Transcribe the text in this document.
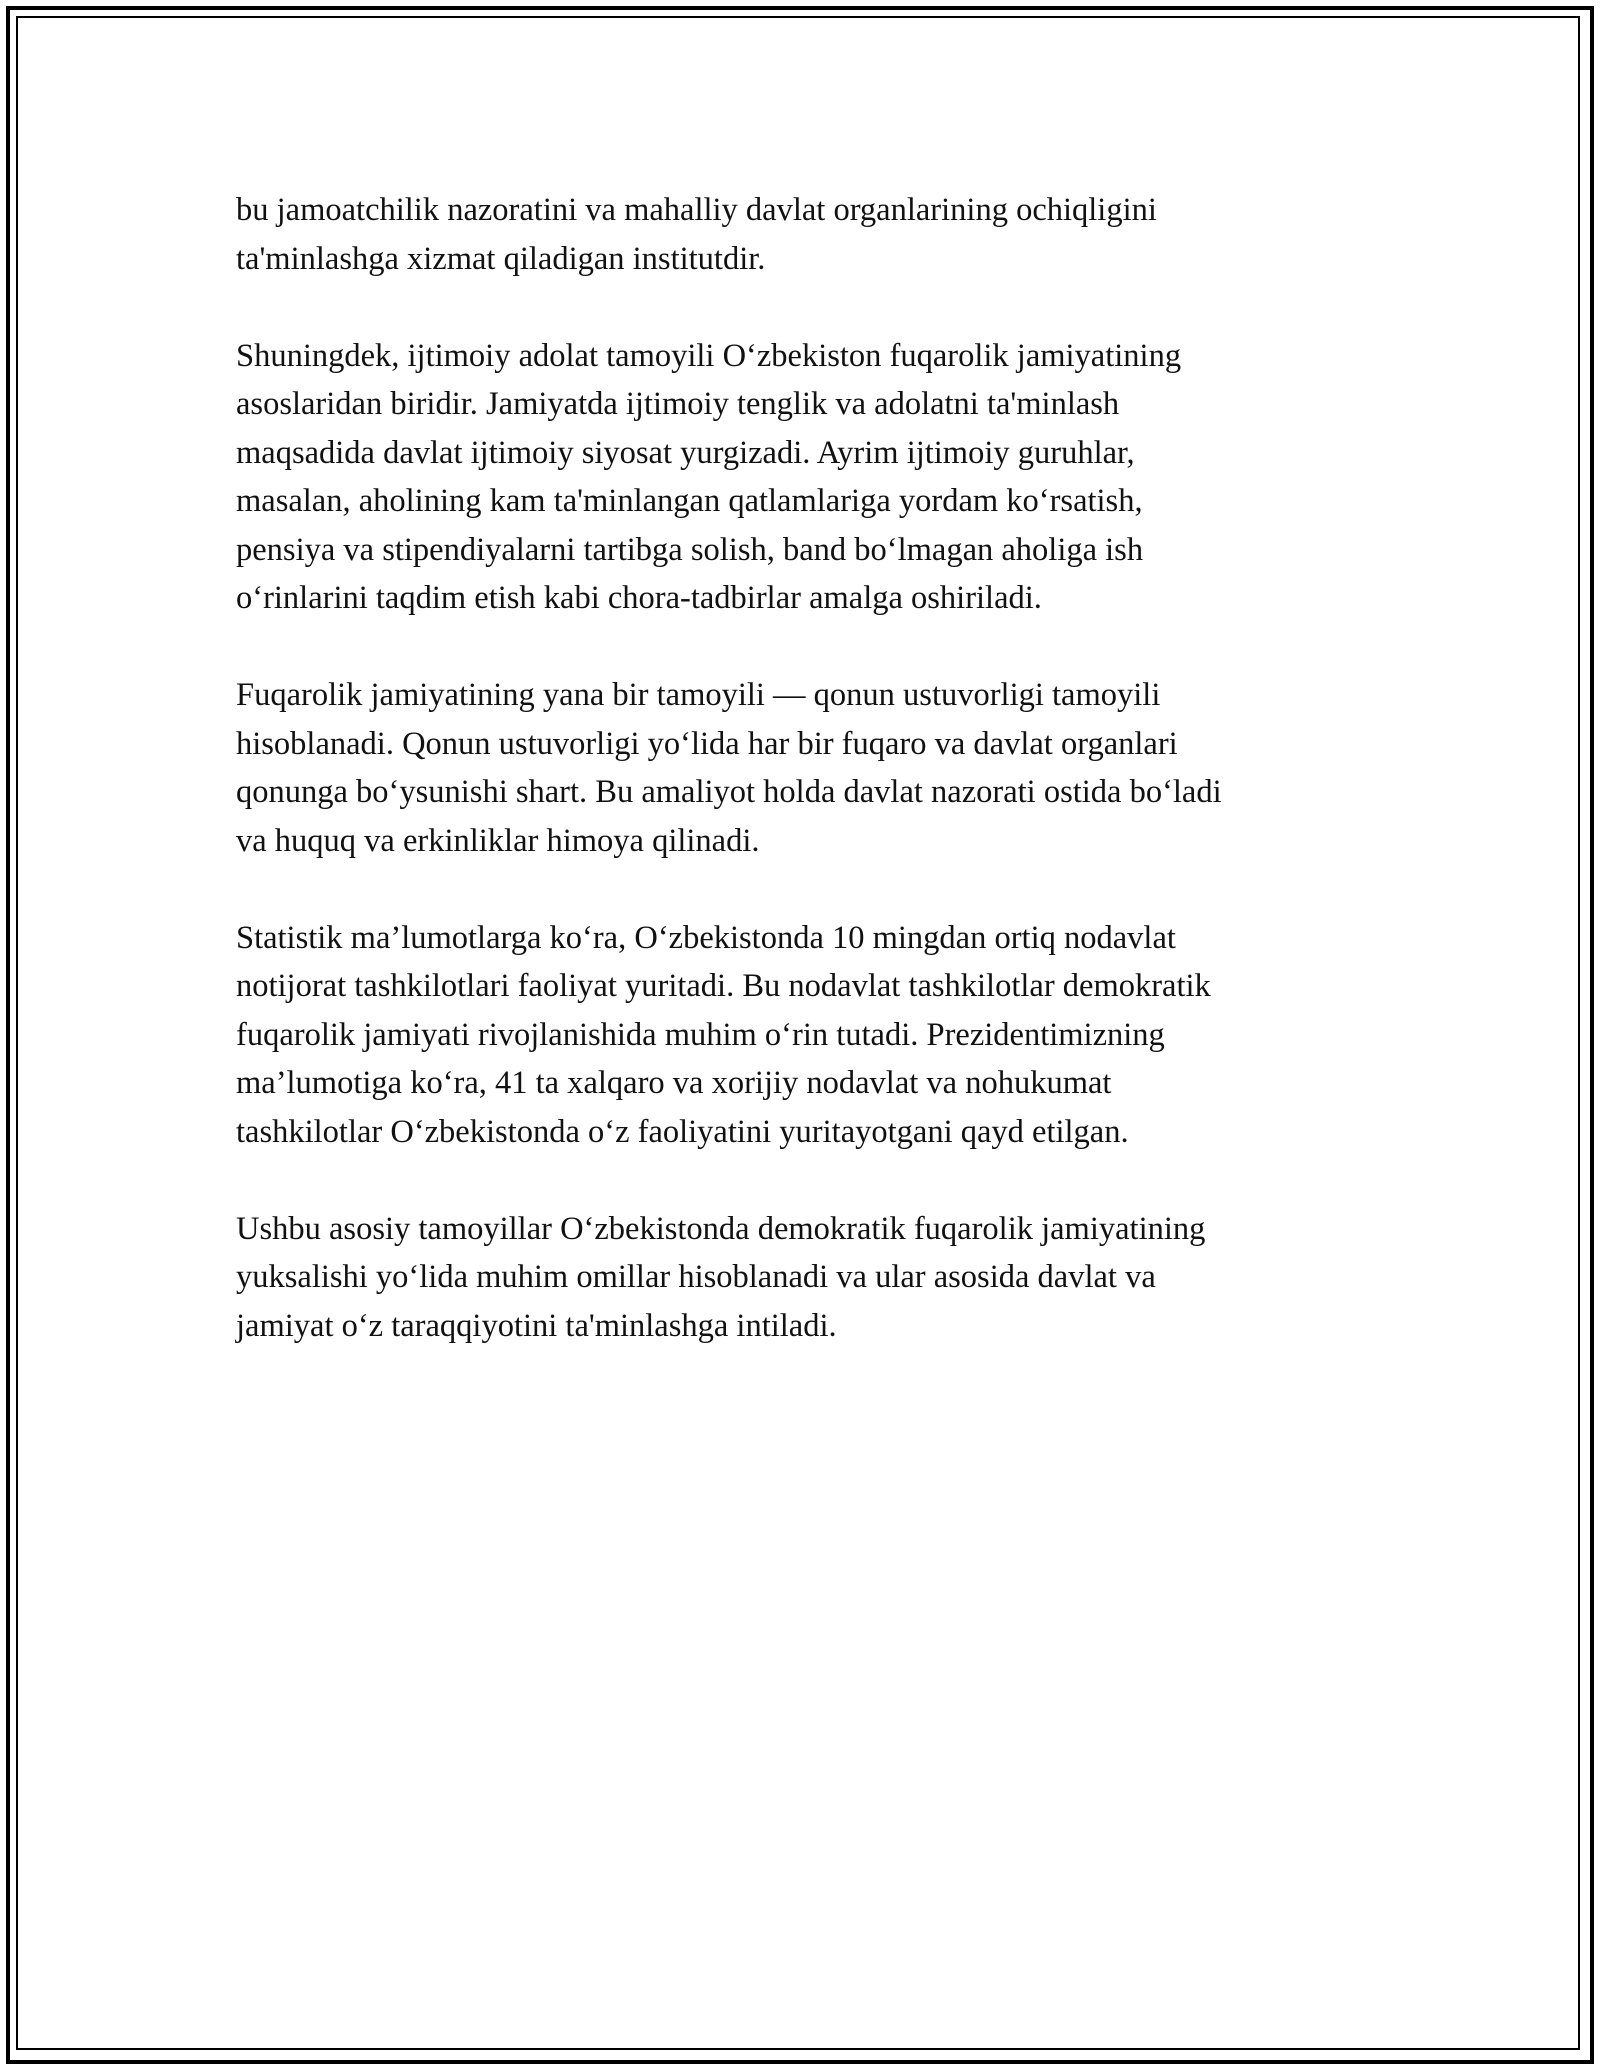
bu jamoatchilik nazoratini va mahalliy davlat organlarining ochiqligini
ta'minlashga xizmat qiladigan institutdir.

Shuningdek, ijtimoiy adolat tamoyili O‘zbekiston fuqarolik jamiyatining
asoslaridan biridir. Jamiyatda ijtimoiy tenglik va adolatni ta'minlash
maqsadida davlat ijtimoiy siyosat yurgizadi. Ayrim ijtimoiy guruhlar,
masalan, aholining kam ta'minlangan qatlamlariga yordam ko‘rsatish,
pensiya va stipendiyalarni tartibga solish, band bo‘lmagan aholiga ish
o‘rinlarini taqdim etish kabi chora-tadbirlar amalga oshiriladi.

Fuqarolik jamiyatining yana bir tamoyili — qonun ustuvorligi tamoyili
hisoblanadi. Qonun ustuvorligi yo‘lida har bir fuqaro va davlat organlari
qonunga bo‘ysunishi shart. Bu amaliyot holda davlat nazorati ostida bo‘ladi
va huquq va erkinliklar himoya qilinadi.

Statistik ma’lumotlarga ko‘ra, O‘zbekistonda 10 mingdan ortiq nodavlat
notijorat tashkilotlari faoliyat yuritadi. Bu nodavlat tashkilotlar demokratik
fuqarolik jamiyati rivojlanishida muhim o‘rin tutadi. Prezidentimizning
ma’lumotiga ko‘ra, 41 ta xalqaro va xorijiy nodavlat va nohukumat
tashkilotlar O‘zbekistonda o‘z faoliyatini yuritayotgani qayd etilgan.

Ushbu asosiy tamoyillar O‘zbekistonda demokratik fuqarolik jamiyatining
yuksalishi yo‘lida muhim omillar hisoblanadi va ular asosida davlat va
jamiyat o‘z taraqqiyotini ta'minlashga intiladi.
